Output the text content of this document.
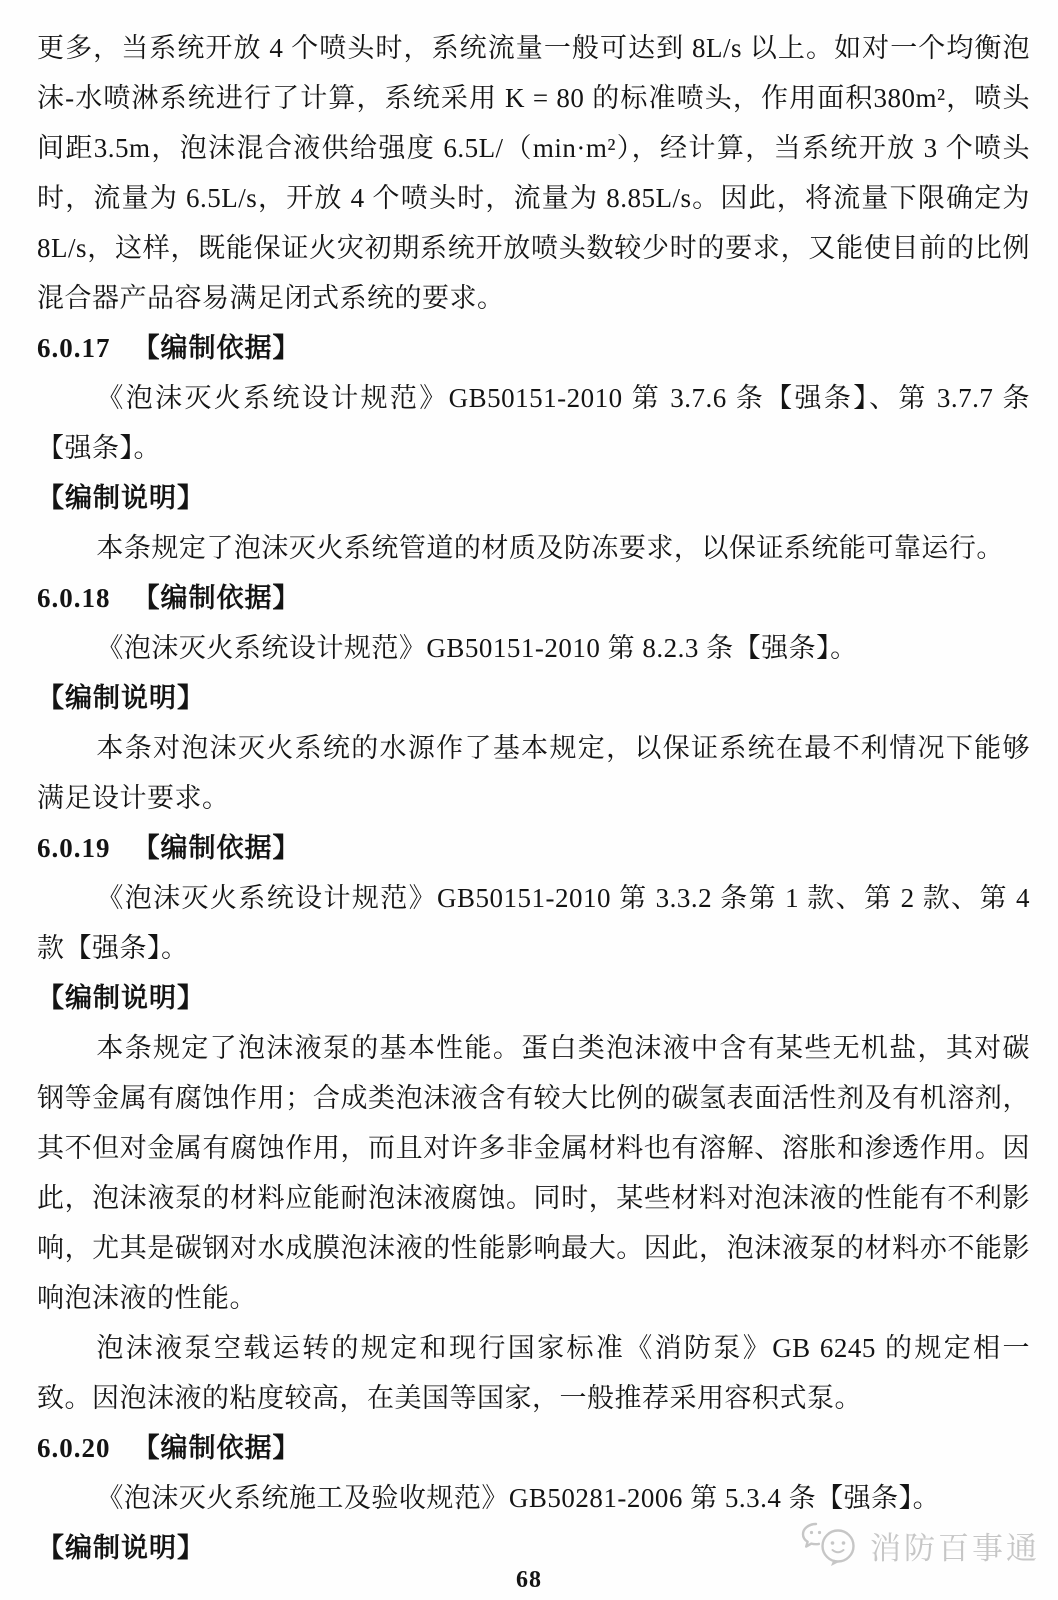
更多，当系统开放 4 个喷头时，系统流量一般可达到 8L/s 以上。如对一个均衡泡沫-水喷淋系统进行了计算，系统采用 K = 80 的标准喷头，作用面积380m²，喷头间距3.5m，泡沫混合液供给强度 6.5L/（min·m²），经计算，当系统开放 3 个喷头时，流量为 6.5L/s，开放 4 个喷头时，流量为 8.85L/s。因此，将流量下限确定为 8L/s，这样，既能保证火灾初期系统开放喷头数较少时的要求，又能使目前的比例混合器产品容易满足闭式系统的要求。

6.0.17 【编制依据】

《泡沫灭火系统设计规范》GB50151-2010 第 3.7.6 条【强条】、第 3.7.7 条【强条】。

【编制说明】

本条规定了泡沫灭火系统管道的材质及防冻要求，以保证系统能可靠运行。

6.0.18 【编制依据】

《泡沫灭火系统设计规范》GB50151-2010 第 8.2.3 条【强条】。

【编制说明】

本条对泡沫灭火系统的水源作了基本规定，以保证系统在最不利情况下能够满足设计要求。

6.0.19 【编制依据】

《泡沫灭火系统设计规范》GB50151-2010 第 3.3.2 条第 1 款、第 2 款、第 4 款【强条】。

【编制说明】

本条规定了泡沫液泵的基本性能。蛋白类泡沫液中含有某些无机盐，其对碳钢等金属有腐蚀作用；合成类泡沫液含有较大比例的碳氢表面活性剂及有机溶剂，其不但对金属有腐蚀作用，而且对许多非金属材料也有溶解、溶胀和渗透作用。因此，泡沫液泵的材料应能耐泡沫液腐蚀。同时，某些材料对泡沫液的性能有不利影响，尤其是碳钢对水成膜泡沫液的性能影响最大。因此，泡沫液泵的材料亦不能影响泡沫液的性能。

泡沫液泵空载运转的规定和现行国家标准《消防泵》GB 6245 的规定相一致。因泡沫液的粘度较高，在美国等国家，一般推荐采用容积式泵。

6.0.20 【编制依据】

《泡沫灭火系统施工及验收规范》GB50281-2006 第 5.3.4 条【强条】。

【编制说明】	消防百事通
68
